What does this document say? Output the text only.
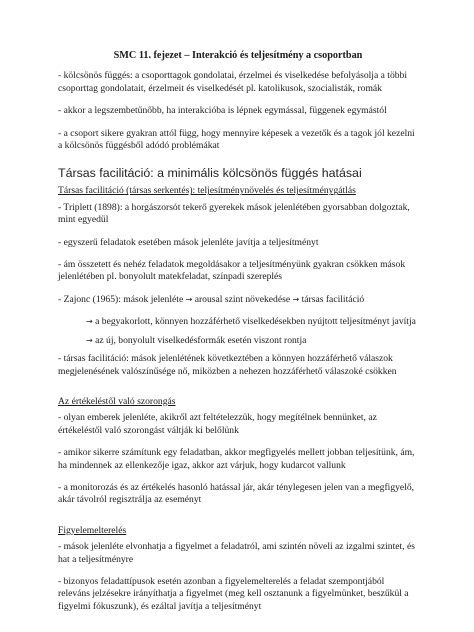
SMC 11. fejezet – Interakció és teljesítmény a csoportban

- kölcsönös függés: a csoporttagok gondolatai, érzelmei és viselkedése befolyásolja a többi csoporttag gondolatait, érzelmeit és viselkedését pl. katolikusok, szocialisták, romák

- akkor a legszembetűnőbb, ha interakcióba is lépnek egymással, függenek egymástól

- a csoport sikere gyakran attól függ, hogy mennyire képesek a vezetők és a tagok jól kezelni a kölcsönös függésből adódó problémákat

Társas facilitáció: a minimális kölcsönös függés hatásai

Társas facilitáció (társas serkentés): teljesítménynövelés és teljesítménygátlás

- Triplett (1898): a horgászorsót tekerő gyerekek mások jelenlétében gyorsabban dolgoztak, mint egyedül

- egyszerű feladatok esetében mások jelenléte javítja a teljesítményt

- ám összetett és nehéz feladatok megoldásakor a teljesítményünk gyakran csökken mások jelenlétében pl. bonyolult matekfeladat, színpadi szereplés

- Zajonc (1965): mások jelenléte → arousal szint növekedése → társas facilitáció

→ a begyakorlott, könnyen hozzáférhető viselkedésekben nyújtott teljesítményt javítja

→ az új, bonyolult viselkedésformák esetén viszont rontja

- társas facilitáció: mások jelenlétének következtében a könnyen hozzáférhető válaszok megjelenésének valószínűsége nő, miközben a nehezen hozzáférhető válaszoké csökken

Az értékeléstől való szorongás

- olyan emberek jelenléte, akikről azt feltételezzük, hogy megítélnek bennünket, az értékeléstől való szorongást váltják ki belőlünk

- amikor sikerre számítunk egy feladatban, akkor megfigyelés mellett jobban teljesítünk, ám, ha mindennek az ellenkezője igaz, akkor azt várjuk, hogy kudarcot vallunk

- a monitorozás és az értékelés hasonló hatással jár, akár ténylegesen jelen van a megfigyelő, akár távolról regisztrálja az eseményt

Figyelemelterelés

- mások jelenléte elvonhatja a figyelmet a feladatról, ami szintén növeli az izgalmi szintet, és hat a teljesítményre

- bizonyos feladattípusok esetén azonban a figyelemelterelés a feladat szempontjából releváns jelzésekre irányíthatja a figyelmet (meg kell osztanunk a figyelmünket, beszűkül a figyelmi fókuszunk), és ezáltal javítja a teljesítményt
